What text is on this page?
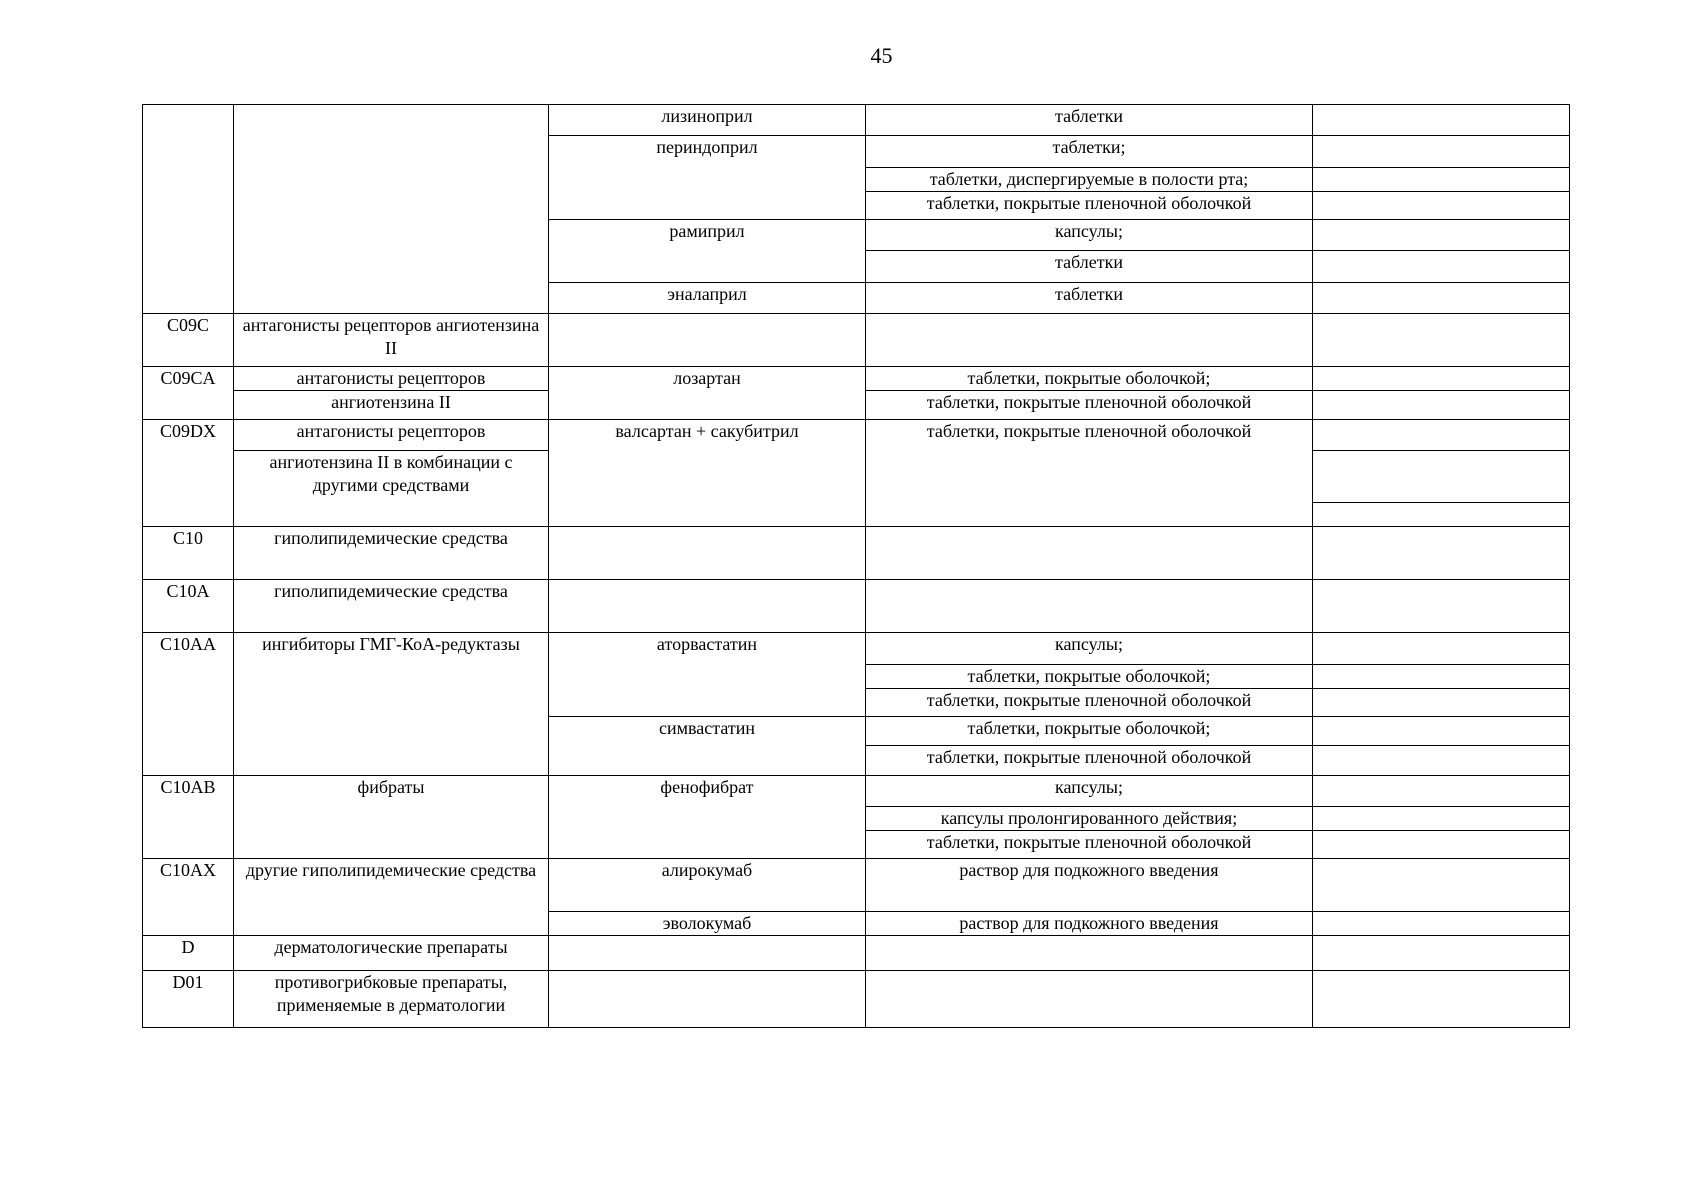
45
		лизиноприл	таблетки	
		периндоприл	таблетки;	
			таблетки, диспергируемые в полости рта;	
			таблетки, покрытые пленочной оболочкой	
		рамиприл	капсулы;	
			таблетки	
		эналаприл	таблетки	
C09C	антагонисты рецепторов ангиотензина II			
C09CA	антагонисты рецепторов	лозартан	таблетки, покрытые оболочкой;	
	ангиотензина II		таблетки, покрытые пленочной оболочкой	
C09DX	антагонисты рецепторов	валсартан + сакубитрил	таблетки, покрытые пленочной оболочкой	
	ангиотензина II в комбинации с другими средствами			

C10	гиполипидемические средства			
C10A	гиполипидемические средства			
C10AA	ингибиторы ГМГ-КоА-редуктазы	аторвастатин	капсулы;	
			таблетки, покрытые оболочкой;	
			таблетки, покрытые пленочной оболочкой	
		симвастатин	таблетки, покрытые оболочкой;	
			таблетки, покрытые пленочной оболочкой	
C10AB	фибраты	фенофибрат	капсулы;	
			капсулы пролонгированного действия;	
			таблетки, покрытые пленочной оболочкой	
C10AX	другие гиполипидемические средства	алирокумаб	раствор для подкожного введения	
		эволокумаб	раствор для подкожного введения	
D	дерматологические препараты			
D01	противогрибковые препараты, применяемые в дерматологии			
